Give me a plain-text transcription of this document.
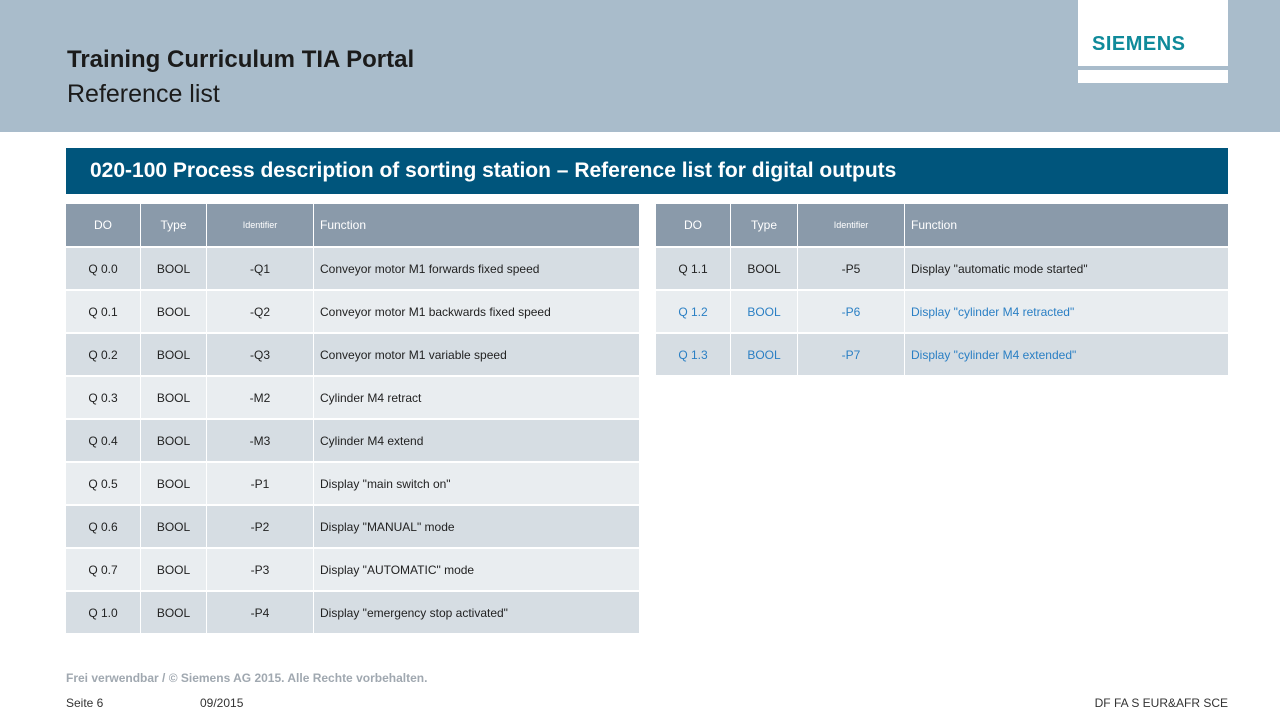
Training Curriculum TIA Portal
Reference list
SIEMENS
020-100 Process description of sorting station – Reference list for digital outputs
DO	Type	Identifier	Function
Q 0.0	BOOL	-Q1	Conveyor motor M1 forwards fixed speed
Q 0.1	BOOL	-Q2	Conveyor motor M1 backwards fixed speed
Q 0.2	BOOL	-Q3	Conveyor motor M1 variable speed
Q 0.3	BOOL	-M2	Cylinder M4 retract
Q 0.4	BOOL	-M3	Cylinder M4 extend
Q 0.5	BOOL	-P1	Display "main switch on"
Q 0.6	BOOL	-P2	Display "MANUAL" mode
Q 0.7	BOOL	-P3	Display "AUTOMATIC" mode
Q 1.0	BOOL	-P4	Display "emergency stop activated"
DO	Type	Identifier	Function
Q 1.1	BOOL	-P5	Display "automatic mode started"
Q 1.2	BOOL	-P6	Display "cylinder M4 retracted"
Q 1.3	BOOL	-P7	Display "cylinder M4 extended"
Frei verwendbar / © Siemens AG 2015. Alle Rechte vorbehalten.
Seite 6	09/2015	DF FA S EUR&AFR SCE
